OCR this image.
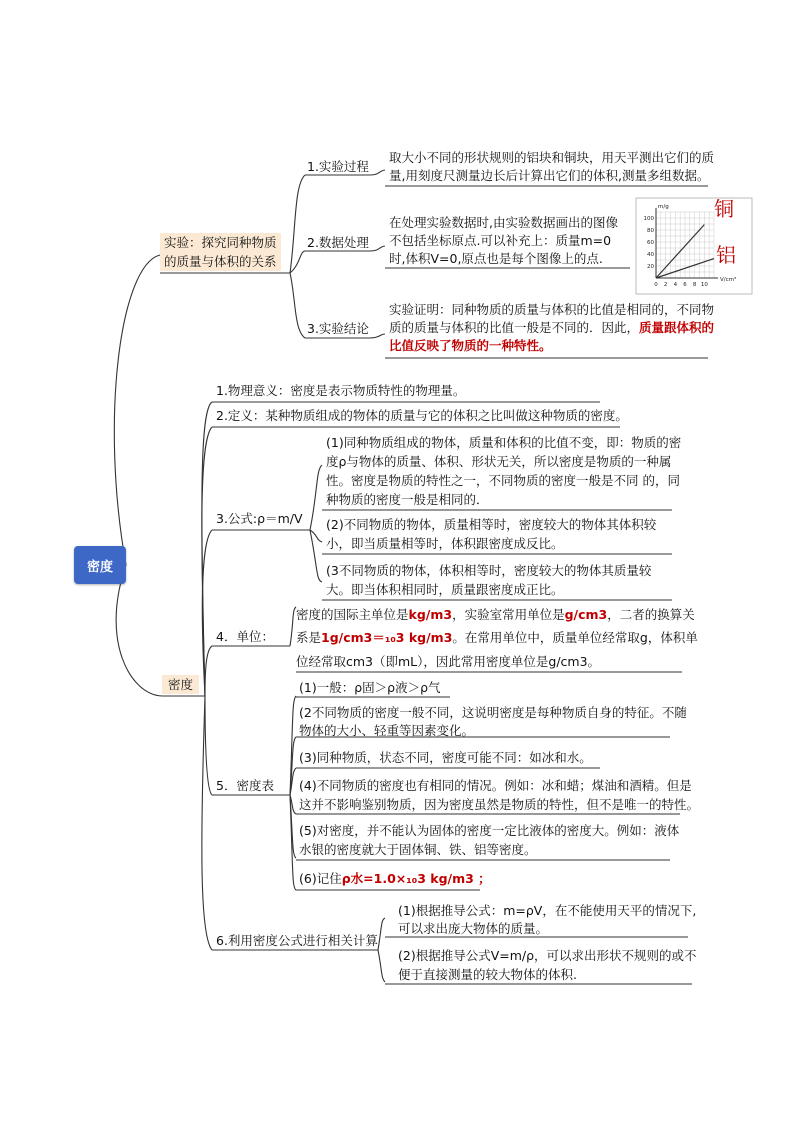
密度
实验：探究同种物质
的质量与体积的关系
1.实验过程
取大小不同的形状规则的铝块和铜块，用天平测出它们的质
量,用刻度尺测量边长后计算出它们的体积,测量多组数据。
2.数据处理
在处理实验数据时,由实验数据画出的图像
不包括坐标原点.可以补充上：质量m=0
时,体积V=0,原点也是每个图像上的点.
3.实验结论
实验证明：同种物质的质量与体积的比值是相同的，不同物
质的质量与体积的比值一般是不同的．因此，质量跟体积的
比值反映了物质的一种特性。
0 2 4 6 8 10
20
40
60
80
100
V/cm³
m/g 铜
铝
密度
1.物理意义：密度是表示物质特性的物理量。
2.定义：某种物质组成的物体的质量与它的体积之比叫做这种物质的密度。
3.公式:ρ＝m/V
(1)同种物质组成的物体，质量和体积的比值不变，即：物质的密
度ρ与物体的质量、体积、形状无关，所以密度是物质的一种属
性。密度是物质的特性之一，不同物质的密度一般是不同 的，同
种物质的密度一般是相同的．
(2)不同物质的物体，质量相等时，密度较大的物体其体积较
小，即当质量相等时，体积跟密度成反比。
(3不同物质的物体，体积相等时，密度较大的物体其质量较
大。即当体积相同时，质量跟密度成正比。
4．单位：
密度的国际主单位是kg/m3，实验室常用单位是g/cm3，二者的换算关
系是1g/cm3＝₁₀3 kg/m3。在常用单位中，质量单位经常取g，体积单
位经常取cm3（即mL），因此常用密度单位是g/cm3。
5．密度表
(1)一般：ρ固＞ρ液＞ρ气
(2不同物质的密度一般不同，这说明密度是每种物质自身的特征。不随
物体的大小、轻重等因素变化。
(3)同种物质，状态不同，密度可能不同：如冰和水。
(4)不同物质的密度也有相同的情况。例如：冰和蜡；煤油和酒精。但是
这并不影响鉴别物质，因为密度虽然是物质的特性，但不是唯一的特性。
(5)对密度，并不能认为固体的密度一定比液体的密度大。例如：液体
水银的密度就大于固体铜、铁、铝等密度。
(6)记住ρ水=1.0×₁₀3 kg/m3 ；
6.利用密度公式进行相关计算
(1)根据推导公式：m=ρV，在不能使用天平的情况下,
可以求出庞大物体的质量。
(2)根据推导公式V=m/ρ，可以求出形状不规则的或不
便于直接测量的较大物体的体积.
